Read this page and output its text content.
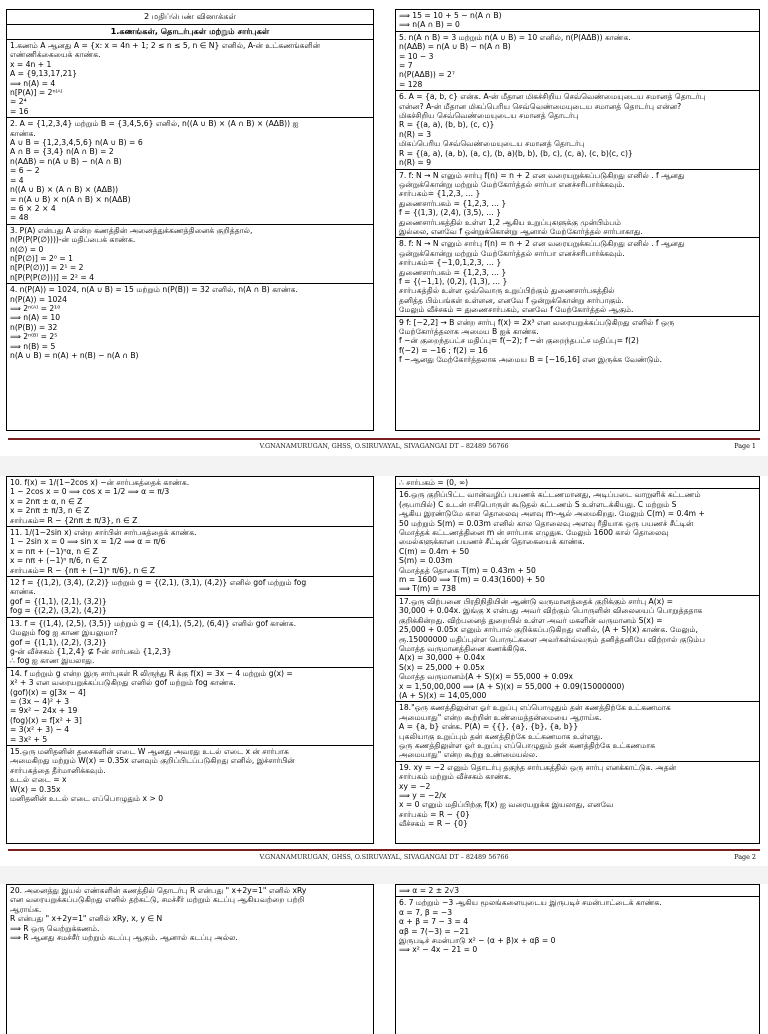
2 மதிப்பெண் வினாக்கள்
1.கணங்கள், தொடர்புகள் மற்றும் சார்புகள்
1.கணம் A ஆனது A = {x: x = 4n + 1; 2 ≤ n ≤ 5, n ∈ N} எனில், A-ன் உட்கணங்களின்
எண்ணிக்கையைக் காண்க.
x = 4n + 1
A = {9,13,17,21}
⟹ n(A) = 4
n[P(A)] = 2ⁿ⁽ᴬ⁾
= 2⁴
= 16
2. A = {1,2,3,4} மற்றும் B = {3,4,5,6} எனில், n((A ∪ B) × (A ∩ B) × (AΔB)) ஐ
காண்க.
A ∪ B = {1,2,3,4,5,6} n(A ∪ B) = 6
A ∩ B = {3,4} n(A ∩ B) = 2
n(AΔB) = n(A ∪ B) − n(A ∩ B)
= 6 − 2
= 4
n((A ∪ B) × (A ∩ B) × (AΔB))
= n(A ∪ B) × n(A ∩ B) × n(AΔB)
= 6 × 2 × 4
= 48
3. P(A) என்பது A என்ற கணத்தின் அனைத்துக்கணத்தினைக் குறித்தால்,
n(P(P(P(∅))))-ன் மதிப்பைக் காண்க.
n(∅) = 0
n[P(∅)] = 2⁰ = 1
n[P(P(∅))] = 2¹ = 2
n[P(P(P(∅)))] = 2² = 4
4. n(P(A)) = 1024, n(A ∪ B) = 15 மற்றும் n(P(B)) = 32 எனில், n(A ∩ B) காண்க.
n(P(A)) = 1024
⟹ 2ⁿ⁽ᴬ⁾ = 2¹⁰
⟹ n(A) = 10
n(P(B)) = 32
⟹ 2ⁿ⁽ᴮ⁾ = 2⁵
⟹ n(B) = 5
n(A ∪ B) = n(A) + n(B) − n(A ∩ B)
⟹ 15 = 10 + 5 − n(A ∩ B)
⟹ n(A ∩ B) = 0
5. n(A ∩ B) = 3 மற்றும் n(A ∪ B) = 10 எனில், n(P(AΔB)) காண்க.
n(AΔB) = n(A ∪ B) − n(A ∩ B)
= 10 − 3
= 7
n(P(AΔB)) = 2⁷
= 128
6. A = {a, b, c} என்க. A-ன் மீதான மிகச்சிறிய செவ்வெண்மையுடைய சமானத் தொடர்பு
என்ன? A-ன் மீதான மிகப்பெரிய செவ்வெண்மையுடைய சமானத் தொடர்பு என்ன?
மிகச்சிறிய செவ்வெண்மையுடைய சமானத் தொடர்பு
R = {(a, a), (b, b), (c, c)}
n(R) = 3
மிகப்பெரிய செவ்வெண்மையுடைய சமானத் தொடர்பு
R = {(a, a), (a, b), (a, c), (b, a)(b, b), (b, c), (c, a), (c, b)(c, c)}
n(R) = 9
7. f: N → N எனும் சார்பு f(n) = n + 2 என வரையறுக்கப்படுகிறது எனில் . f ஆனது
ஒன்றுக்கொன்று மற்றும் மேற்கோர்த்தல் சார்பா எனச்சரிபார்க்கவும்.
சார்பகம்= {1,2,3, … }
துணைசார்பகம் = {1,2,3, … }
f = {(1,3), (2,4), (3,5), … }
துணைசார்பகத்தில் உள்ள 1,2 ஆகிய உறுப்புகளுக்கு முன்பிம்பம்
இல்லை, எனவே f ஒன்றுக்கொன்று ஆனால் மேற்கோர்த்தல் சார்பாகாது.
8. f: N → N எனும் சார்பு f(n) = n + 2 என வரையறுக்கப்படுகிறது எனில் . f ஆனது
ஒன்றுக்கொன்று மற்றும் மேற்கோர்த்தல் சார்பா எனச்சரிபார்க்கவும்.
சார்பகம்= {−1,0,1,2,3, … }
துணைசார்பகம் = {1,2,3, … }
f = {(−1,1), (0,2), (1,3), … }
சார்பகத்தில் உள்ள ஒவ்வொரு உறுப்பிற்கும் துணைசார்பகத்தில்
தனித்த பிம்பங்கள் உள்ளன, எனவே f ஒன்றுக்கொன்று சார்பாகும்.
மேலும் வீச்சகம் = துணைசார்பகம், எனவே f மேற்கோர்த்தல் ஆகும்.
9 f: [−2,2] → B என்ற சார்பு f(x) = 2x³ என வரையறுக்கப்படுகிறது எனில் f ஒரு
மேற்கோர்த்தலாக அமைய B ஐக் காண்க.
f −ன் குறைந்தபட்ச மதிப்பு= f(−2); f −ன் குறைந்தபட்ச மதிப்பு= f(2)
f(−2) = −16 ; f(2) = 16
f −ஆனது மேற்கோர்த்தலாக அமைய B = [−16,16] என இருக்க வேண்டும்.
V.GNANAMURUGAN, GHSS, O.SIRUVAYAL, SIVAGANGAI DT – 82489 56766	Page 1
10. f(x) = 1/(1−2cos x) −ன் சார்பகத்தைக் காண்க.
1 − 2cos x = 0 ⟹ cos x = 1/2 ⟹ α = π/3
x = 2nπ ± α, n ∈ Z
x = 2nπ ± π/3, n ∈ Z
சார்பகம்= R − {2nπ ± π/3}, n ∈ Z
11. 1/(1−2sin x) என்ற சார்பின் சார்பகத்தைக் காண்க.
1 − 2sin x = 0 ⟹ sin x = 1/2 ⟹ α = π/6
x = nπ + (−1)ⁿα, n ∈ Z
x = nπ + (−1)ⁿ π/6, n ∈ Z
சார்பகம்= R − {nπ + (−1)ⁿ π/6}, n ∈ Z
12 f = {(1,2), (3,4), (2,2)} மற்றும் g = {(2,1), (3,1), (4,2)} எனில் gof மற்றும் fog
காண்க.
gof = {(1,1), (2,1), (3,2)}
fog = {(2,2), (3,2), (4,2)}
13. f = {(1,4), (2,5), (3,5)} மற்றும் g = {(4,1), (5,2), (6,4)} எனில் gof காண்க.
மேலும் fog ஐ காண இயலுமா?
gof = {(1,1), (2,2), (3,2)}
g-ன் வீச்சகம் {1,2,4} ⊈ f-ன் சார்பகம் {1,2,3}
∴ fog ஐ காண இயலாது.
14. f மற்றும் g என்ற இரு சார்புகள் R லிருந்து R க்கு f(x) = 3x − 4 மற்றும் g(x) =
x² + 3 என வரையறுக்கப்படுகிறது எனில் gof மற்றும் fog காண்க.
(gof)(x) = g[3x − 4]
= (3x − 4)² + 3
= 9x² − 24x + 19
(fog)(x) = f[x² + 3]
= 3(x² + 3) − 4
= 3x² + 5
15.ஒரு மனிதனின் தசைகளின் எடை W ஆனது அவரது உடல் எடை x ன் சார்பாக
அமைகிறது மற்றும் W(x) = 0.35x எனவும் குறிப்பிடப்படுகிறது எனில், இச்சார்பின்
சார்பகத்தை தீர்மானிக்கவும்.
உடல் எடை = x
W(x) = 0.35x
மனிதனின் உடல் எடை எப்பொழுதும் x > 0
∴ சார்பகம் = (0, ∞)
16.ஒரு குறிப்பிட்ட வான்வழிப் பயணக் கட்டணமானது, அடிப்படை வாறுளிக் கட்டணம்
(ரூபாயில்) C உடன் ஈசிபொருள் கூடுதல் கட்டணம் S உள்ளடக்கியது. C மற்றும் S
ஆகிய இரண்டுமே கால தொலைவு அளவு m-ஆல் அமைகிறது. மேலும் C(m) = 0.4m +
50 மற்றும் S(m) = 0.03m எனில் கால தொலைவு அளவு ரீதியாக ஒரு பயணச் சீட்டின்
மொத்தக் கட்டணத்தினை m ன் சார்பாக எழுதுக. மேலும் 1600 கால் தொலைவு
மைல்களுக்கான பயணச் சீட்டின் தொகையைக் காண்க.
C(m) = 0.4m + 50
S(m) = 0.03m
மொத்தத் தொகை T(m) = 0.43m + 50
m = 1600 ⟹ T(m) = 0.43(1600) + 50
⟹ T(m) = 738
17.ஒரு விற்பனை பிரதிநிதியின் ஆண்டு வருமானத்தைக் குறிக்கும் சார்பு A(x) =
30,000 + 0.04x. இங்கு x என்பது அவர் விற்கும் பொருளின் விலையைப் பொறுத்ததாக
குறிக்கின்றது. விற்பனைத் துறையில் உள்ள அவர் மகளின் வருமானம் S(x) =
25,000 + 0.05x எனும் சார்பால் குறிக்கப்படுகிறது எனில், (A + S)(x) காண்க. மேலும்,
ரூ.15000000 மதிப்புள்ள பொருட்களை அவர்கள்வ்வரும் தனித்தனியே விற்றால் குடும்ப
மொத்த வருமானத்தினை கணக்கிடுக.
A(x) = 30,000 + 0.04x
S(x) = 25,000 + 0.05x
மொத்த வருமானம்(A + S)(x) = 55,000 + 0.09x
x = 1,50,00,000 ⟹ (A + S)(x) = 55,000 + 0.09(15000000)
(A + S)(x) = 14,05,000
18."ஒரு கணத்திலுள்ள ஓர் உறுப்பு எப்பொழுதும் தன் கணத்திற்கே உட்கணமாக
அமையாது" என்ற கூற்றின் உண்மைத்தன்மையை ஆராய்க.
A = {a, b} என்க. P(A) = {{}, {a}, {b}, {a, b}}
புகலியாகு உறுப்பும் தன் கணத்திற்கே உட்கணமாக உள்ளது.
ஒரு கணத்திலுள்ள ஓர் உறுப்பு எப்பொழுதும் தன் கணத்திற்கே உட்கணமாக
அமையாது" என்ற கூற்று உண்மையல்ல.
19. xy = −2 எனும் தொடர்பு தகுந்த சார்பகத்தில் ஒரு சார்பு எனக்காட்டுக. அதன்
சார்பகம் மற்றும் வீச்சகம் காண்க.
xy = −2
⟹ y = −2/x
x = 0 எனும் மதிப்பிற்கு f(x) ஐ வரையறுக்க இயலாது, எனவே
சார்பகம் = R − {0}
வீச்சகம் = R − {0}
V.GNANAMURUGAN, GHSS, O.SIRUVAYAL, SIVAGANGAI DT – 82489 56766	Page 2
20. அனைத்து இயல் எண்களின் கணத்தில் தொடர்பு R என்பது " x+2y=1" எனில் xRy
என வரையறுக்கப்படுகிறது எனில் தற்சுட்டு, சமச்சீர் மற்றும் கடப்பு ஆகியவற்றை பற்றி
ஆராய்க.
R என்பது " x+2y=1" எனில் xRy, x, y ∈ N
⟹ R ஒரு வெற்றுக்கணம்.
⟹ R ஆனது சமச்சீர் மற்றும் கடப்பு ஆகும். ஆனால் கடப்பு அல்ல.
⟹ α = 2 ± 2√3
6. 7 மற்றும் −3 ஆகிய மூலங்களையுடைய இருபடிச் சமன்பாட்டைக் காண்க.
α = 7, β = −3
α + β = 7 − 3 = 4
αβ = 7(−3) = −21
இருபடிச் சமன்பாடு x² − (α + β)x + αβ = 0
⟹ x² − 4x − 21 = 0
